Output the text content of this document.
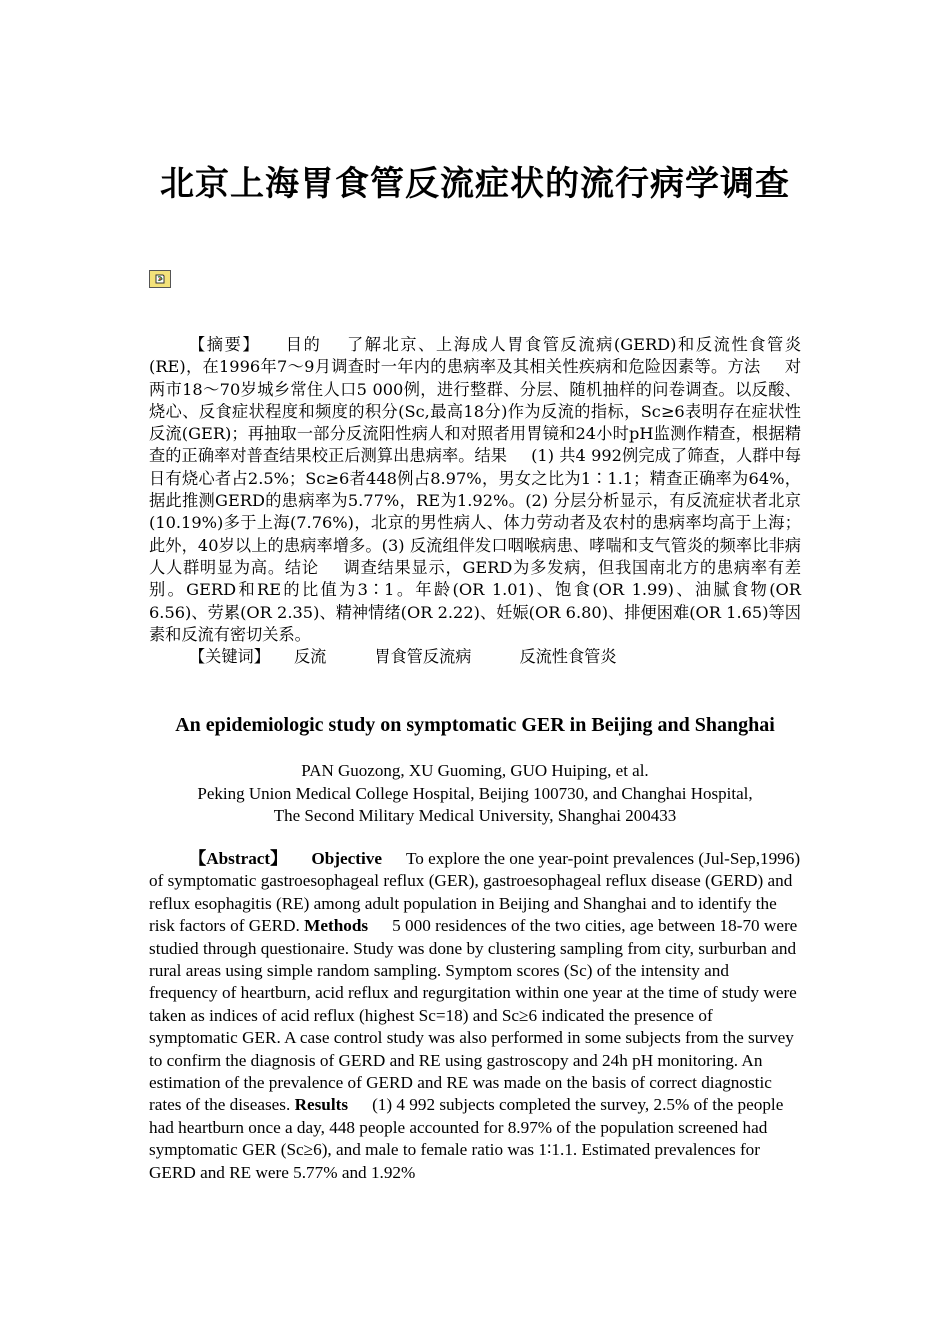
北京上海胃食管反流症状的流行病学调查

【摘要】 目的 了解北京、上海成人胃食管反流病(GERD)和反流性食管炎(RE)，在1996年7～9月调查时一年内的患病率及其相关性疾病和危险因素等。方法 对两市18～70岁城乡常住人口5 000例，进行整群、分层、随机抽样的问卷调查。以反酸、烧心、反食症状程度和频度的积分(Sc,最高18分)作为反流的指标，Sc≥6表明存在症状性反流(GER)；再抽取一部分反流阳性病人和对照者用胃镜和24小时pH监测作精查，根据精查的正确率对普查结果校正后测算出患病率。结果 (1) 共4 992例完成了筛查，人群中每日有烧心者占2.5%；Sc≥6者448例占8.97%，男女之比为1∶1.1；精查正确率为64%，据此推测GERD的患病率为5.77%，RE为1.92%。(2) 分层分析显示，有反流症状者北京(10.19%)多于上海(7.76%)，北京的男性病人、体力劳动者及农村的患病率均高于上海；此外，40岁以上的患病率增多。(3) 反流组伴发口咽喉病患、哮喘和支气管炎的频率比非病人人群明显为高。结论 调查结果显示，GERD为多发病，但我国南北方的患病率有差别。GERD和RE的比值为3∶1。年龄(OR 1.01)、饱食(OR 1.99)、油腻食物(OR 6.56)、劳累(OR 2.35)、精神情绪(OR 2.22)、妊娠(OR 6.80)、排便困难(OR 1.65)等因素和反流有密切关系。

【关键词】 反流	胃食管反流病	反流性食管炎

An epidemiologic study on symptomatic GER in Beijing and Shanghai
PAN Guozong, XU Guoming, GUO Huiping, et al.
Peking Union Medical College Hospital, Beijing 100730, and Changhai Hospital,
The Second Military Medical University, Shanghai 200433

【Abstract】 Objective To explore the one year-point prevalences (Jul-Sep,1996) of symptomatic gastroesophageal reflux (GER), gastroesophageal reflux disease (GERD) and reflux esophagitis (RE) among adult population in Beijing and Shanghai and to identify the risk factors of GERD. Methods 5 000 residences of the two cities, age between 18-70 were studied through questionaire. Study was done by clustering sampling from city, surburban and rural areas using simple random sampling. Symptom scores (Sc) of the intensity and frequency of heartburn, acid reflux and regurgitation within one year at the time of study were taken as indices of acid reflux (highest Sc=18) and Sc≥6 indicated the presence of symptomatic GER. A case control study was also performed in some subjects from the survey to confirm the diagnosis of GERD and RE using gastroscopy and 24h pH monitoring. An estimation of the prevalence of GERD and RE was made on the basis of correct diagnostic rates of the diseases. Results (1) 4 992 subjects completed the survey, 2.5% of the people had heartburn once a day, 448 people accounted for 8.97% of the population screened had symptomatic GER (Sc≥6), and male to female ratio was 1∶1.1. Estimated prevalences for GERD and RE were 5.77% and 1.92%
